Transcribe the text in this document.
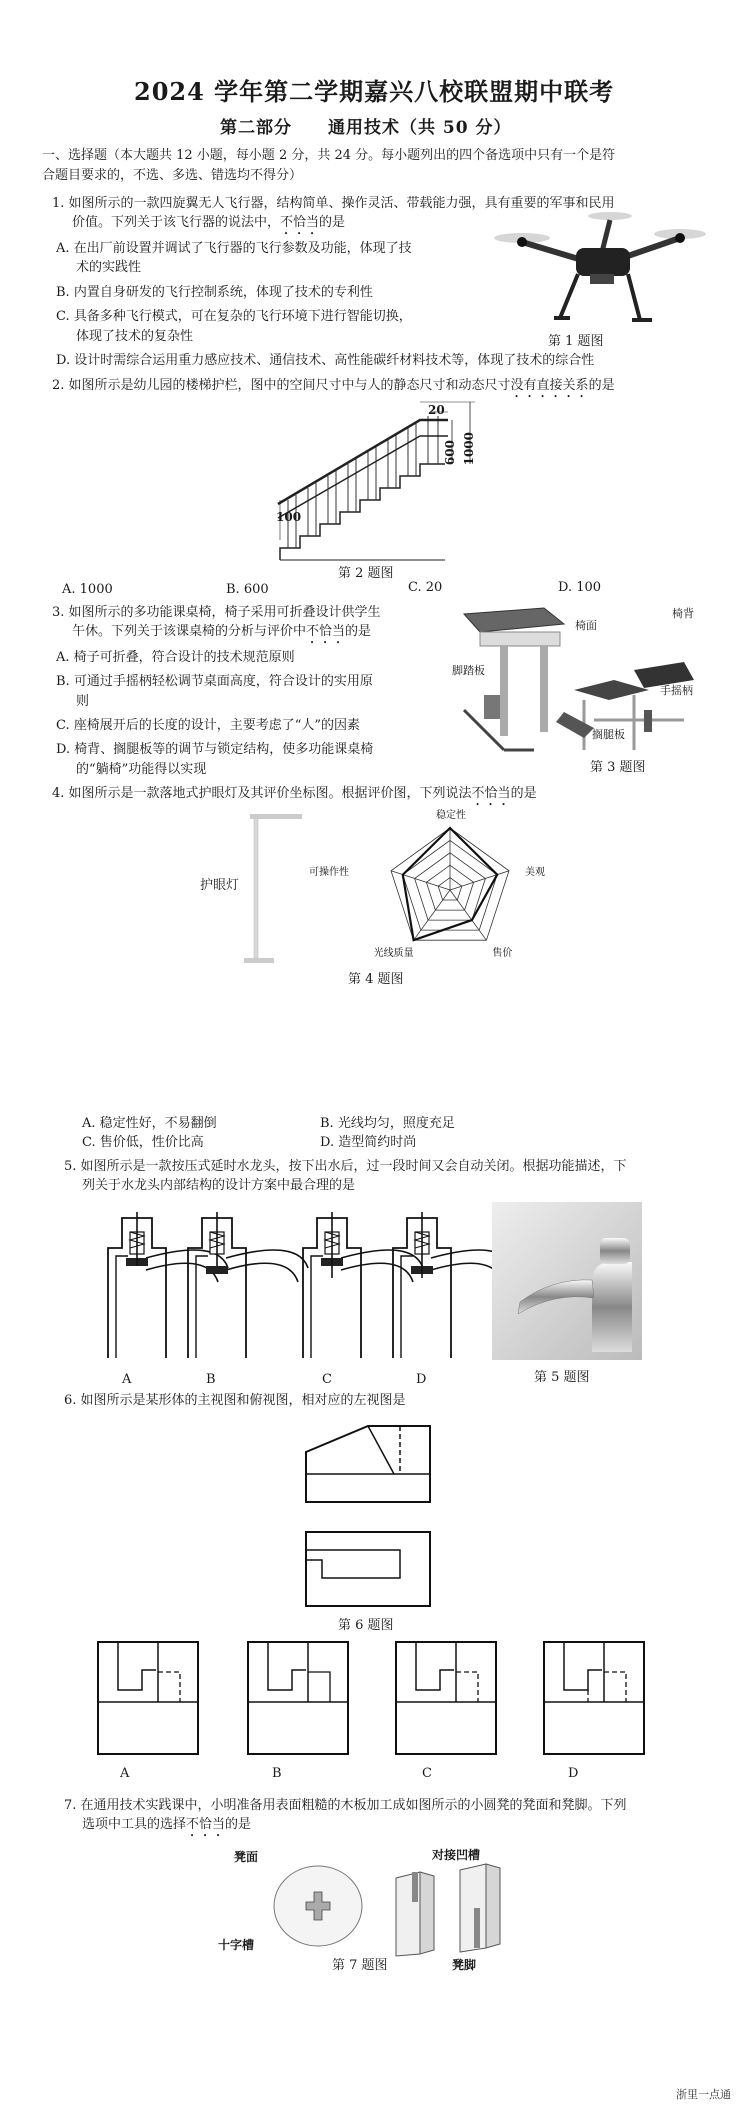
2024 学年第二学期嘉兴八校联盟期中联考
第二部分　　通用技术（共 50 分）
一、选择题（本大题共 12 小题，每小题 2 分，共 24 分。每小题列出的四个备选项中只有一个是符
合题目要求的，不选、多选、错选均不得分）
1. 如图所示的一款四旋翼无人飞行器，结构简单、操作灵活、带载能力强，具有重要的军事和民用
价值。下列关于该飞行器的说法中，不恰当的是
A. 在出厂前设置并调试了飞行器的飞行参数及功能，体现了技
术的实践性
B. 内置自身研发的飞行控制系统，体现了技术的专利性
C. 具备多种飞行模式，可在复杂的飞行环境下进行智能切换，
体现了技术的复杂性
D. 设计时需综合运用重力感应技术、通信技术、高性能碳纤材料技术等，体现了技术的综合性
第 1 题图
2. 如图所示是幼儿园的楼梯护栏，图中的空间尺寸中与人的静态尺寸和动态尺寸没有直接关系的是
20
600 1000
100
第 2 题图
A. 1000	B. 600	C. 20	D. 100
3. 如图所示的多功能课桌椅，椅子采用可折叠设计供学生
午休。下列关于该课桌椅的分析与评价中不恰当的是
A. 椅子可折叠，符合设计的技术规范原则
B. 可通过手摇柄轻松调节桌面高度，符合设计的实用原
则
C. 座椅展开后的长度的设计，主要考虑了“人”的因素
D. 椅背、搁腿板等的调节与锁定结构，使多功能课桌椅
的“躺椅”功能得以实现
椅面
椅背
脚踏板
手摇柄
搁腿板
第 3 题图
4. 如图所示是一款落地式护眼灯及其评价坐标图。根据评价图，下列说法不恰当的是
护眼灯
稳定性
美观
售价
光线质量
可操作性
第 4 题图
A. 稳定性好，不易翻倒	B. 光线均匀，照度充足
C. 售价低，性价比高	D. 造型简约时尚
5. 如图所示是一款按压式延时水龙头，按下出水后，过一段时间又会自动关闭。根据功能描述，下
列关于水龙头内部结构的设计方案中最合理的是
A	B	C	D	第 5 题图
6. 如图所示是某形体的主视图和俯视图，相对应的左视图是
第 6 题图
A	B	C	D
7. 在通用技术实践课中，小明准备用表面粗糙的木板加工成如图所示的小圆凳的凳面和凳脚。下列
选项中工具的选择不恰当的是
凳面
十字槽
对接凹槽
凳脚
第 7 题图
浙里一点通
